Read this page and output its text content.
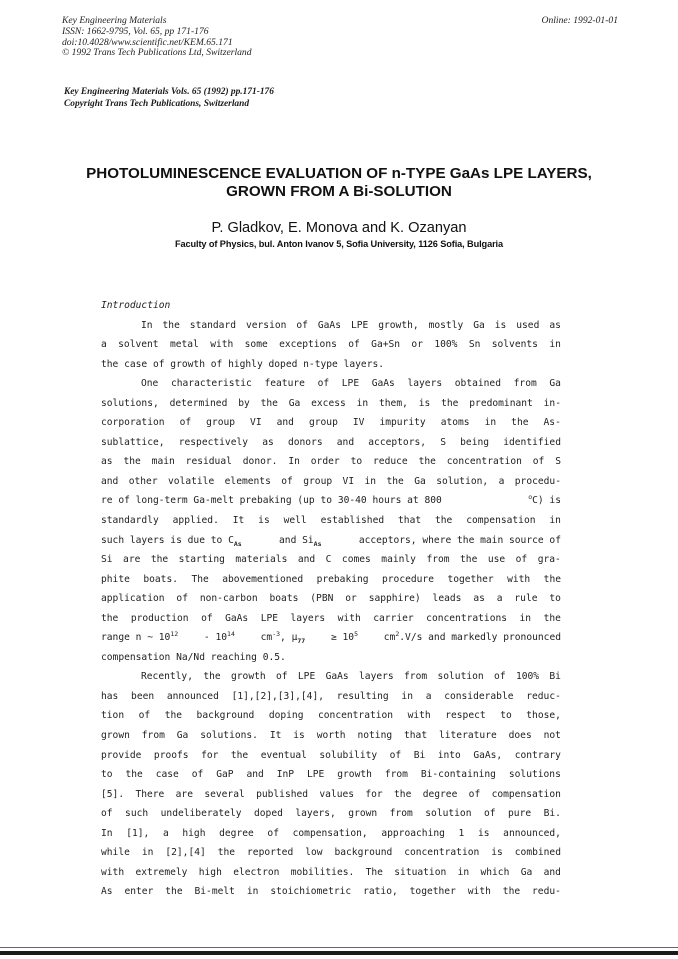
Key Engineering Materials
ISSN: 1662-9795, Vol. 65, pp 171-176
doi:10.4028/www.scientific.net/KEM.65.171
© 1992 Trans Tech Publications Ltd, Switzerland
Online: 1992-01-01
Key Engineering Materials Vols. 65 (1992) pp.171-176
Copyright Trans Tech Publications, Switzerland
PHOTOLUMINESCENCE EVALUATION OF n-TYPE GaAs LPE LAYERS,
GROWN FROM A Bi-SOLUTION
P. Gladkov, E. Monova and K. Ozanyan
Faculty of Physics, bul. Anton Ivanov 5, Sofia University, 1126 Sofia, Bulgaria
Introduction
In the standard version of GaAs LPE growth, mostly Ga is used as
a solvent metal with some exceptions of Ga+Sn or 100% Sn solvents in
the case of growth of highly doped n-type layers.
One characteristic feature of LPE GaAs layers obtained from Ga
solutions, determined by the Ga excess in them, is the predominant in-
corporation of group VI and group IV impurity atoms in the As-
sublattice, respectively as donors and acceptors, S being identified
as the main residual donor. In order to reduce the concentration of S
and other volatile elements of group VI in the Ga solution, a procedu-
re of long-term Ga-melt prebaking (up to 30-40 hours at 800	$^o$C) is
standardly applied. It is well established that the compensation in
such layers is due to $C_{As}$	and $Si_{As}$	acceptors, where the main source of
Si are the starting materials and C comes mainly from the use of gra-
phite boats. The abovementioned prebaking procedure together with the
application of non-carbon boats (PBN or sapphire) leads as a rule to
the production of GaAs LPE layers with carrier concentrations in the
range n ~ $10^{12}$	- $10^{14}$	$cm^{-3}$, $\mu_{77}$	≥ $10^5$	$cm^2.V/s$ and markedly pronounced
compensation Na/Nd reaching 0.5.
Recently, the growth of LPE GaAs layers from solution of 100% Bi
has been announced [1],[2],[3],[4], resulting in a considerable reduc-
tion of the background doping concentration with respect to those,
grown from Ga solutions. It is worth noting that literature does not
provide proofs for the eventual solubility of Bi into GaAs, contrary
to the case of GaP and InP LPE growth from Bi-containing solutions
[5]. There are several published values for the degree of compensation
of such undeliberately doped layers, grown from solution of pure Bi.
In [1], a high degree of compensation, approaching 1 is announced,
while in [2],[4] the reported low background concentration is combined
with extremely high electron mobilities. The situation in which Ga and
As enter the Bi-melt in stoichiometric ratio, together with the redu-
